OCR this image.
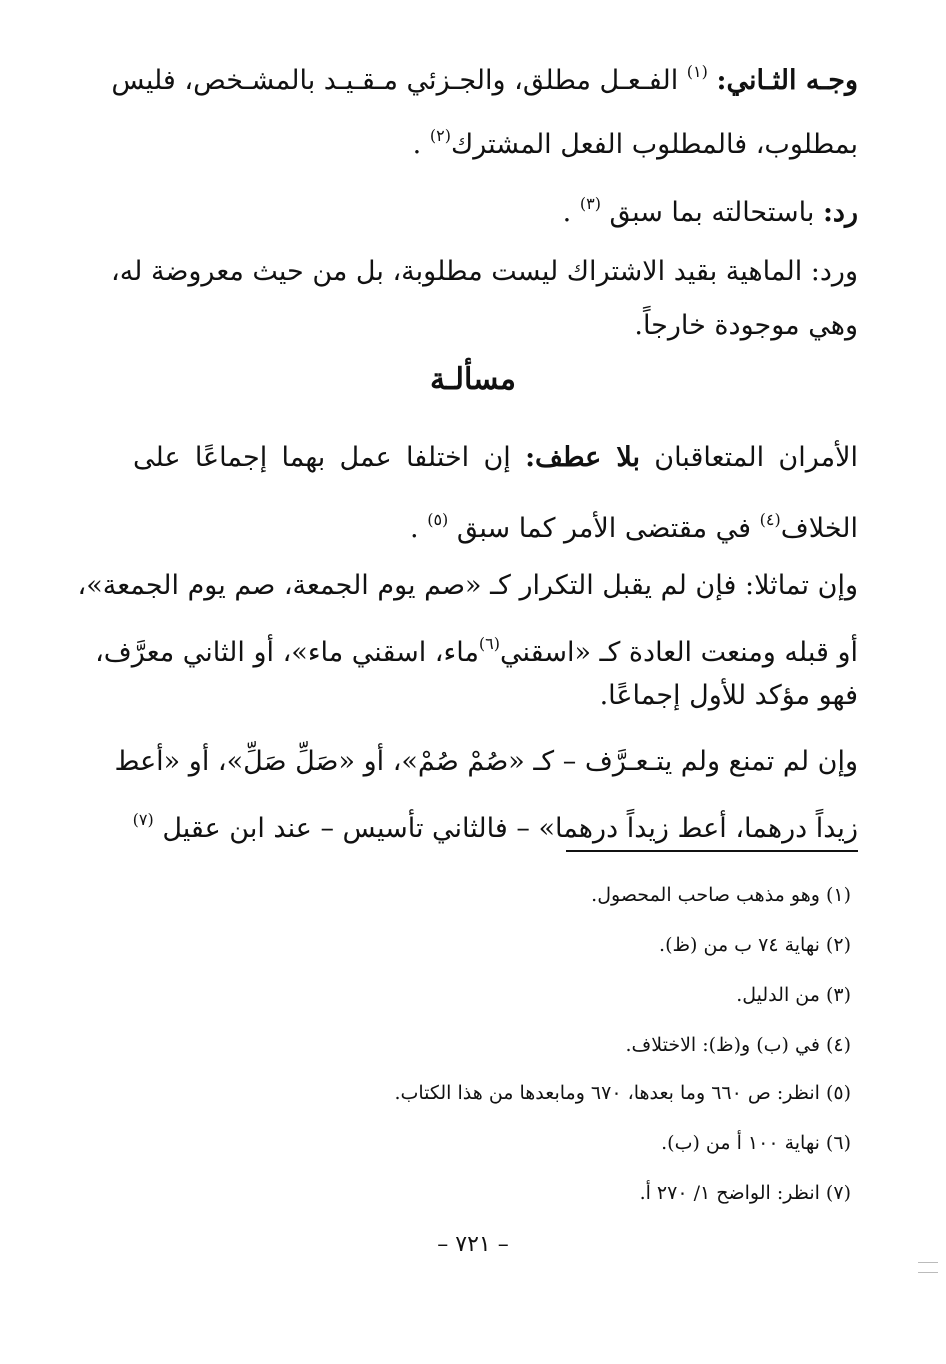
وجـه الثـاني: $^{(١)}$ الفـعـل مطلق، والجـزئي مـقـيـد بالمشـخص، فليس
بمطلوب، فالمطلوب الفعل المشترك$^{(٢)}$ .
رد: باستحالته بما سبق $^{(٣)}$ .
ورد: الماهية بقيد الاشتراك ليست مطلوبة، بل من حيث معروضة له،
وهي موجودة خارجاً.
الأمران المتعاقبان بلا عطف: إن اختلفا عمل بهما إجماعًا على
الخلاف$^{(٤)}$ في مقتضى الأمر كما سبق $^{(٥)}$ .
وإن تماثلا: فإن لم يقبل التكرار كـ «صم يوم الجمعة، صم يوم الجمعة»،
أو قبله ومنعت العادة كـ «اسقني$^{(٦)}$ماء، اسقني ماء»، أو الثاني معرَّف،
فهو مؤكد للأول إجماعًا.
وإن لم تمنع ولم يتـعـرَّف – كـ «صُمْ صُمْ»، أو «صَلِّ صَلِّ»، أو «أعط
زيداً درهما، أعط زيداً درهما» – فالثاني تأسيس – عند ابن عقيل $^{(٧)}$
مسألـة
(١) وهو مذهب صاحب المحصول.
(٢) نهاية ٧٤ ب من (ظ).
(٣) من الدليل.
(٤) في (ب) و(ظ): الاختلاف.
(٥) انظر: ص ٦٦٠ وما بعدها، ٦٧٠ ومابعدها من هذا الكتاب.
(٦) نهاية ١٠٠ أ من (ب).
(٧) انظر: الواضح ١/ ٢٧٠ أ.
– ٧٢١ –
